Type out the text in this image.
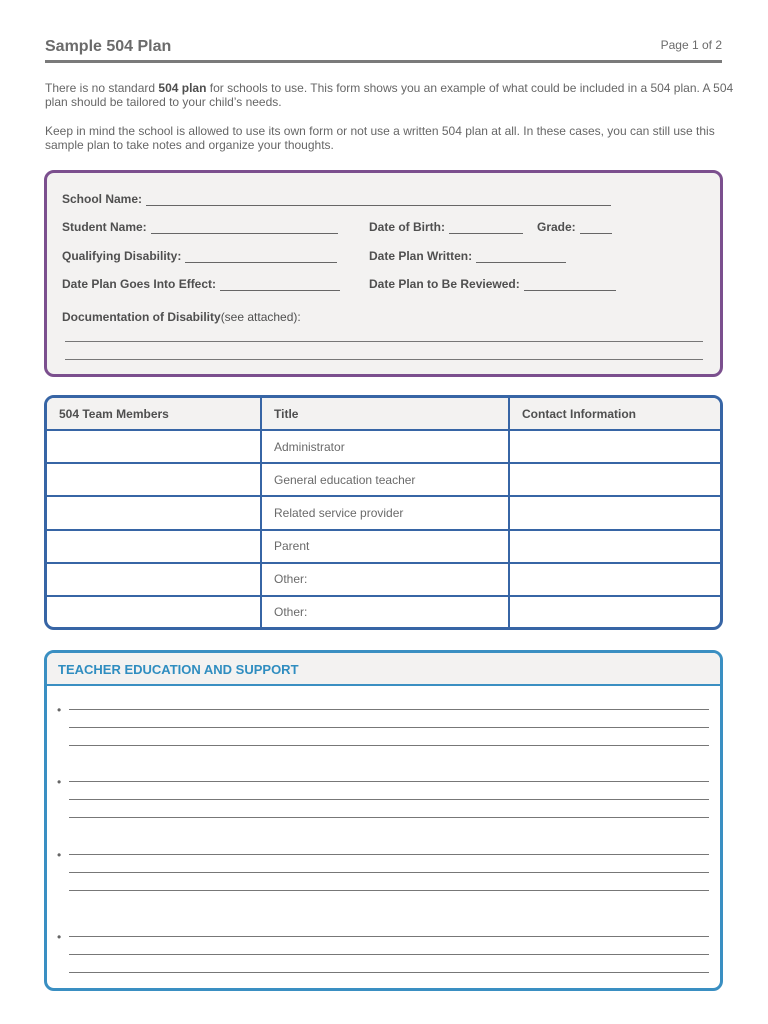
Sample 504 Plan	Page 1 of 2

There is no standard 504 plan for schools to use. This form shows you an example of what could be included in a 504 plan. A 504 plan should be tailored to your child’s needs.

Keep in mind the school is allowed to use its own form or not use a written 504 plan at all. In these cases, you can still use this sample plan to take notes and organize your thoughts.

School Name:
Student Name:	Date of Birth:	Grade:
Qualifying Disability:	Date Plan Written:
Date Plan Goes Into Effect:	Date Plan to Be Reviewed:
Documentation of Disability(see attached):
504 Team Members	Title	Contact Information
	Administrator	
	General education teacher	
	Related service provider	
	Parent	
	Other:	
	Other:	
TEACHER EDUCATION AND SUPPORT
•
•
•
•
